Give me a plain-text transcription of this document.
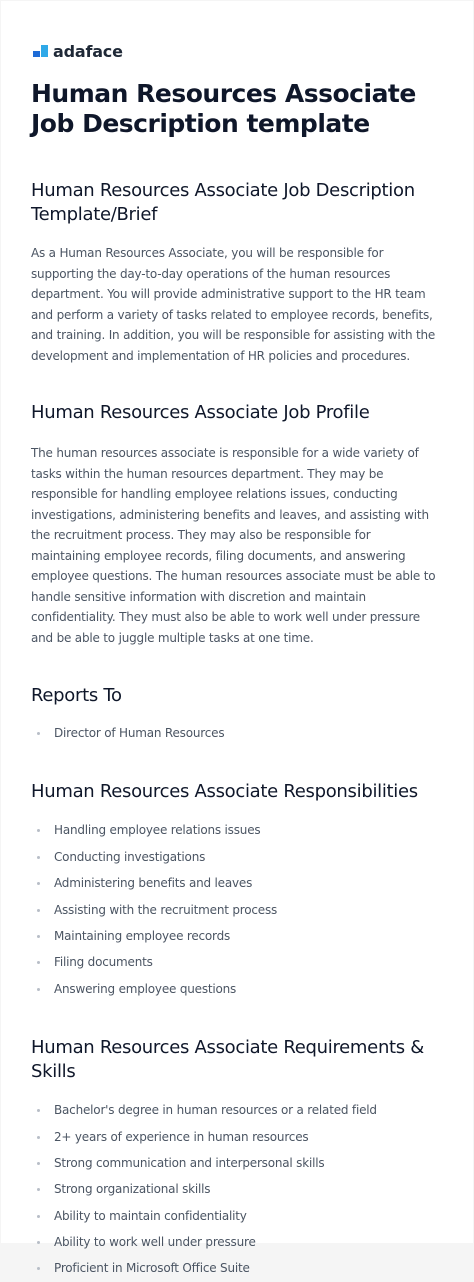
adaface
Human Resources Associate Job Description template
Human Resources Associate Job Description Template/Brief

As a Human Resources Associate, you will be responsible for supporting the day-to-day operations of the human resources department. You will provide administrative support to the HR team and perform a variety of tasks related to employee records, benefits, and training. In addition, you will be responsible for assisting with the development and implementation of HR policies and procedures.

Human Resources Associate Job Profile

The human resources associate is responsible for a wide variety of tasks within the human resources department. They may be responsible for handling employee relations issues, conducting investigations, administering benefits and leaves, and assisting with the recruitment process. They may also be responsible for maintaining employee records, filing documents, and answering employee questions. The human resources associate must be able to handle sensitive information with discretion and maintain confidentiality. They must also be able to work well under pressure and be able to juggle multiple tasks at one time.

Reports To
Director of Human Resources
Human Resources Associate Responsibilities
Handling employee relations issues
Conducting investigations
Administering benefits and leaves
Assisting with the recruitment process
Maintaining employee records
Filing documents
Answering employee questions
Human Resources Associate Requirements & Skills
Bachelor's degree in human resources or a related field
2+ years of experience in human resources
Strong communication and interpersonal skills
Strong organizational skills
Ability to maintain confidentiality
Ability to work well under pressure
Proficient in Microsoft Office Suite
